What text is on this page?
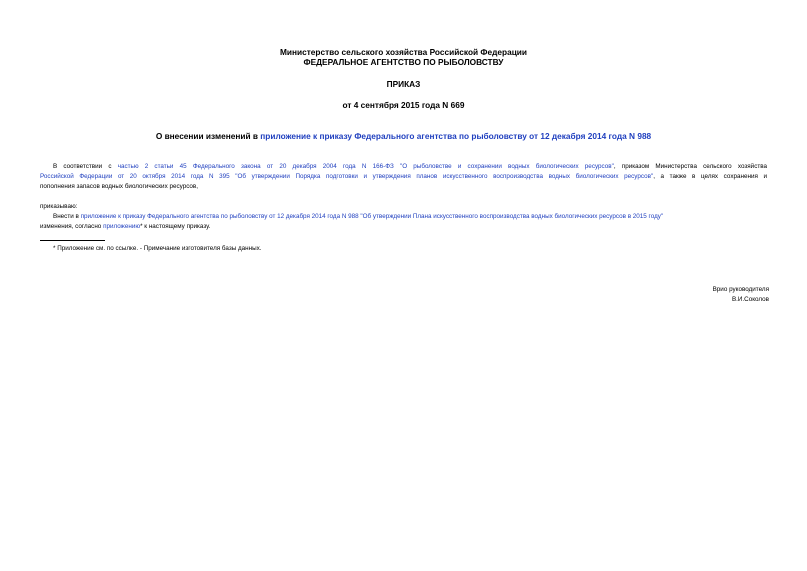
Министерство сельского хозяйства Российской Федерации
ФЕДЕРАЛЬНОЕ АГЕНТСТВО ПО РЫБОЛОВСТВУ
ПРИКАЗ
от 4 сентября 2015 года N 669
О внесении изменений в приложение к приказу Федерального агентства по рыболовству от 12 декабря 2014 года N 988
В соответствии с частью 2 статьи 45 Федерального закона от 20 декабря 2004 года N 166-ФЗ "О рыболовстве и сохранении водных биологических ресурсов", приказом Министерства сельского хозяйства
Российской Федерации от 20 октября 2014 года N 395 "Об утверждении Порядка подготовки и утверждения планов искусственного воспроизводства водных биологических ресурсов", а также в целях сохранения и
пополнения запасов водных биологических ресурсов,
приказываю:
Внести в приложение к приказу Федерального агентства по рыболовству от 12 декабря 2014 года N 988 "Об утверждении Плана искусственного воспроизводства водных биологических ресурсов в 2015 году"
изменения, согласно приложению* к настоящему приказу.
* Приложение см. по ссылке. - Примечание изготовителя базы данных.
Врио руководителя
В.И.Соколов
